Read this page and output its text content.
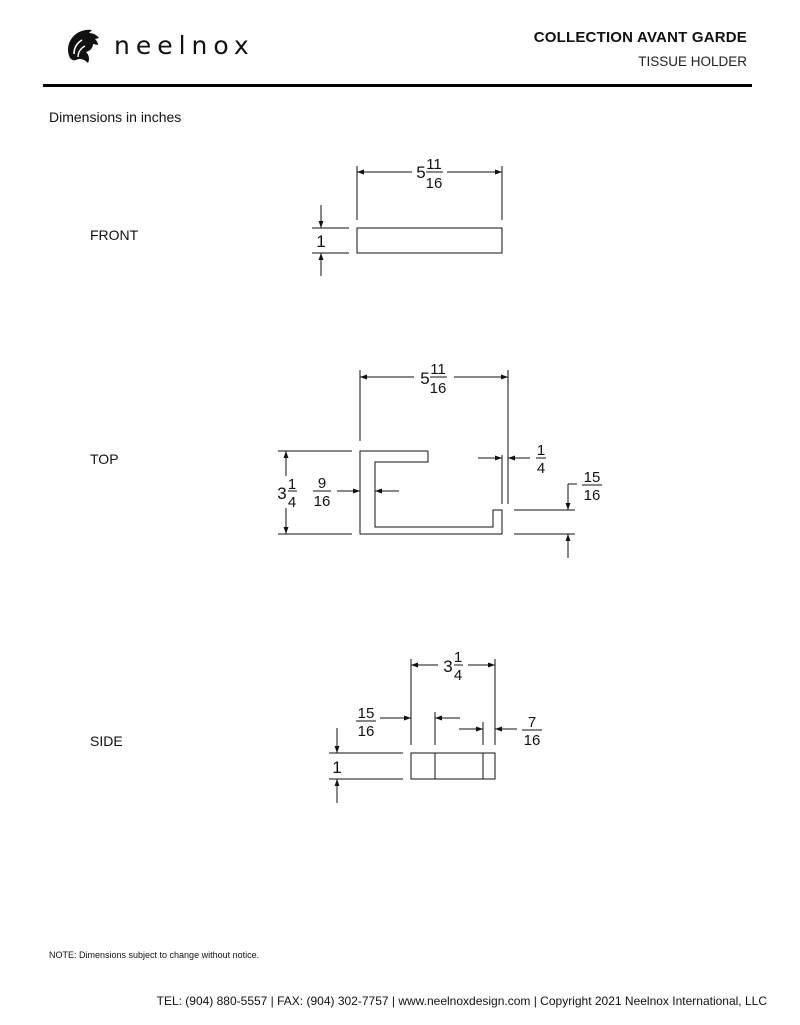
neelnox	COLLECTION AVANT GARDE
TISSUE HOLDER
Dimensions in inches
FRONT
TOP
SIDE
5 11
16
1
5 11
16
3 1
4
9
16
1
4
15
16
3 1
4
15
16
7
16
1
NOTE: Dimensions subject to change without notice.
TEL: (904) 880-5557 | FAX: (904) 302-7757 | www.neelnoxdesign.com | Copyright 2021 Neelnox International, LLC
